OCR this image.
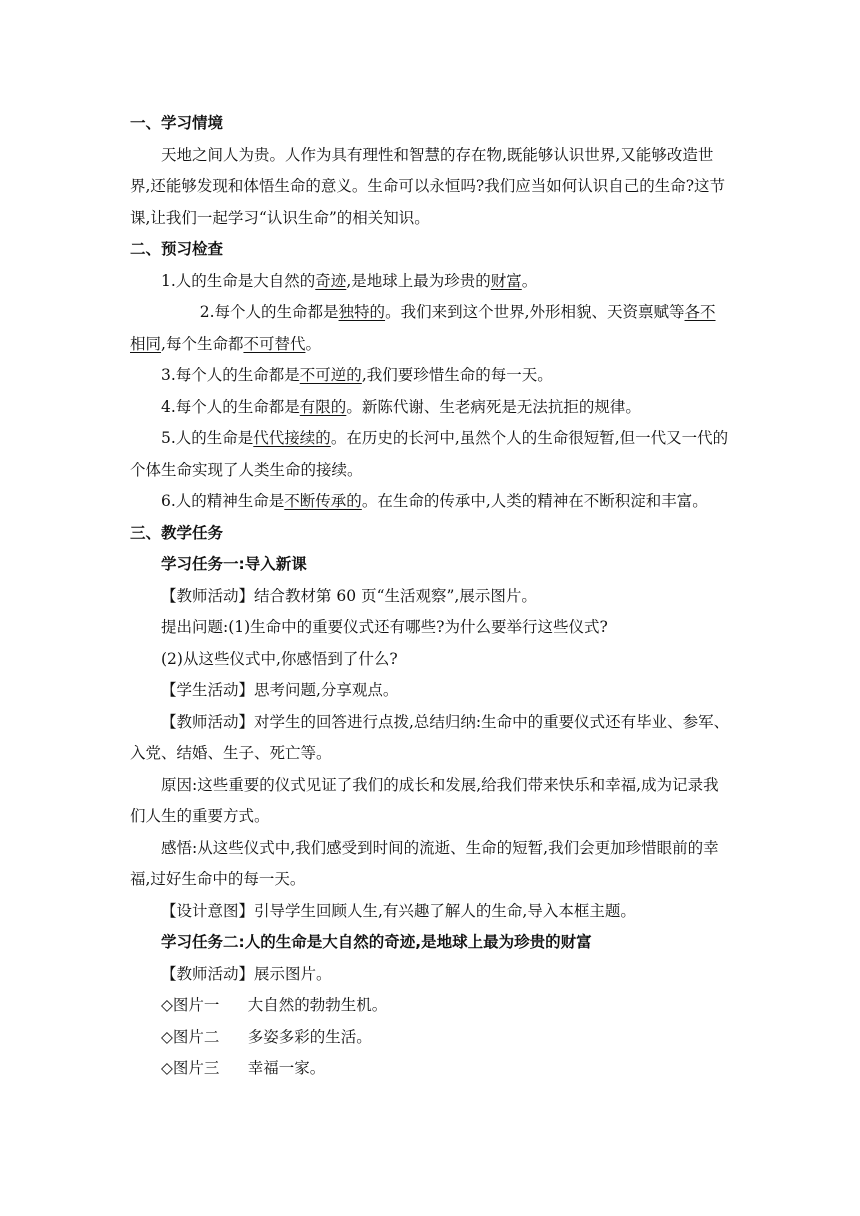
一、学习情境

天地之间人为贵。人作为具有理性和智慧的存在物,既能够认识世界,又能够改造世界,还能够发现和体悟生命的意义。生命可以永恒吗?我们应当如何认识自己的生命?这节课,让我们一起学习“认识生命”的相关知识。

二、预习检查

1.人的生命是大自然的奇迹,是地球上最为珍贵的财富。

2.每个人的生命都是独特的。我们来到这个世界,外形相貌、天资禀赋等各不相同,每个生命都不可替代。

3.每个人的生命都是不可逆的,我们要珍惜生命的每一天。

4.每个人的生命都是有限的。新陈代谢、生老病死是无法抗拒的规律。

5.人的生命是代代接续的。在历史的长河中,虽然个人的生命很短暂,但一代又一代的个体生命实现了人类生命的接续。

6.人的精神生命是不断传承的。在生命的传承中,人类的精神在不断积淀和丰富。

三、教学任务

学习任务一:导入新课

【教师活动】结合教材第 60 页“生活观察”,展示图片。

提出问题:(1)生命中的重要仪式还有哪些?为什么要举行这些仪式?

(2)从这些仪式中,你感悟到了什么?

【学生活动】思考问题,分享观点。

【教师活动】对学生的回答进行点拨,总结归纳:生命中的重要仪式还有毕业、参军、入党、结婚、生子、死亡等。

原因:这些重要的仪式见证了我们的成长和发展,给我们带来快乐和幸福,成为记录我们人生的重要方式。

感悟:从这些仪式中,我们感受到时间的流逝、生命的短暂,我们会更加珍惜眼前的幸福,过好生命中的每一天。

【设计意图】引导学生回顾人生,有兴趣了解人的生命,导入本框主题。

学习任务二:人的生命是大自然的奇迹,是地球上最为珍贵的财富

【教师活动】展示图片。

◇图片一 大自然的勃勃生机。

◇图片二 多姿多彩的生活。

◇图片三 幸福一家。
